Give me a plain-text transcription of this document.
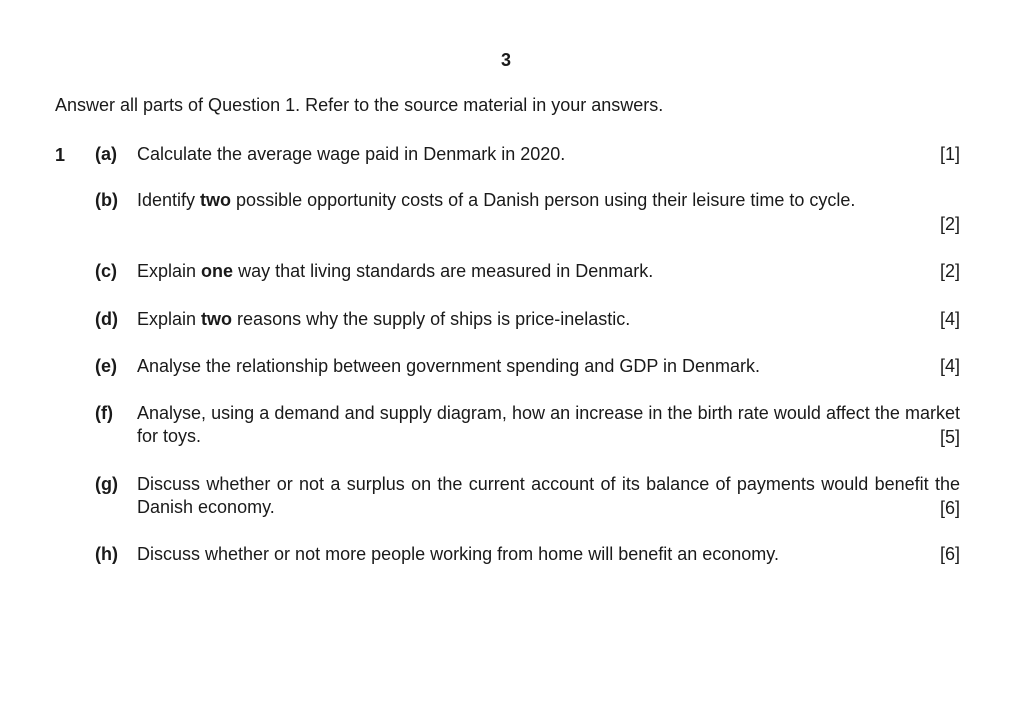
3
Answer all parts of Question 1. Refer to the source material in your answers.
1 (a) Calculate the average wage paid in Denmark in 2020.	[1]
(b) Identify two possible opportunity costs of a Danish person using their leisure time to cycle.
[2]
(c) Explain one way that living standards are measured in Denmark.	[2]
(d) Explain two reasons why the supply of ships is price-inelastic.	[4]
(e) Analyse the relationship between government spending and GDP in Denmark.	[4]
(f) Analyse, using a demand and supply diagram, how an increase in the birth rate would affect the market for toys.	[5]
(g) Discuss whether or not a surplus on the current account of its balance of payments would benefit the Danish economy.	[6]
(h) Discuss whether or not more people working from home will benefit an economy.	[6]
